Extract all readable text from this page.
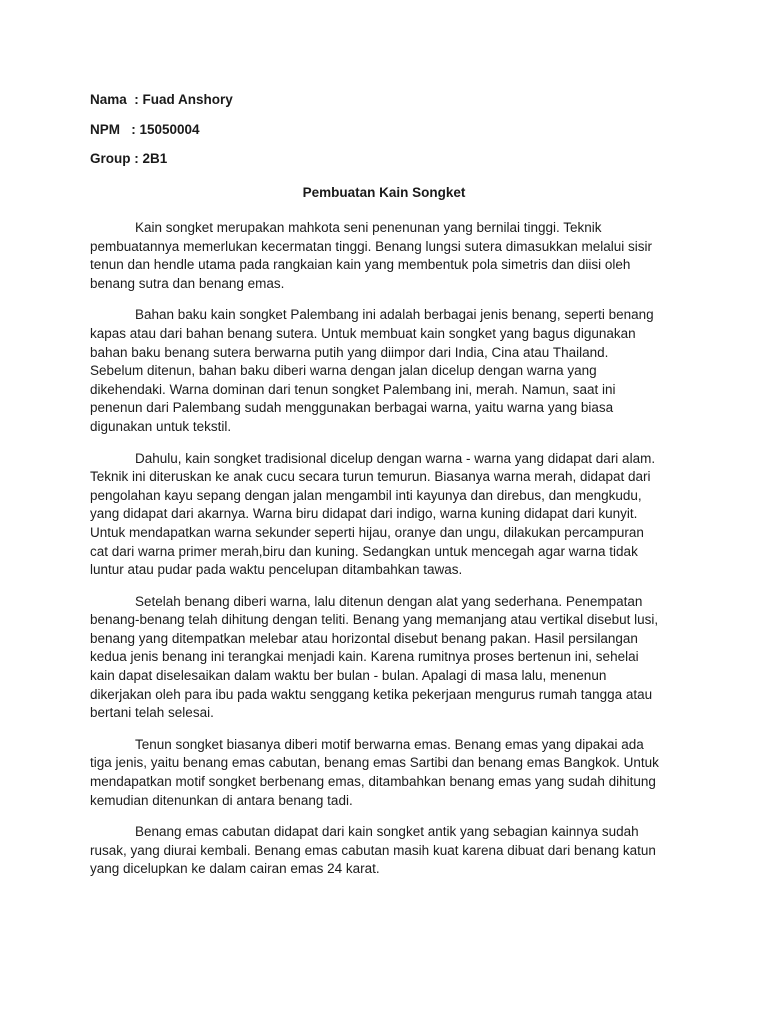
Nama  : Fuad Anshory
NPM   : 15050004
Group : 2B1
Pembuatan Kain Songket

Kain songket merupakan mahkota seni penenunan yang bernilai tinggi. Teknik
pembuatannya memerlukan kecermatan tinggi. Benang lungsi sutera dimasukkan melalui sisir
tenun dan hendle utama pada rangkaian kain yang membentuk pola simetris dan diisi oleh
benang sutra dan benang emas.

Bahan baku kain songket Palembang ini adalah berbagai jenis benang, seperti benang
kapas atau dari bahan benang sutera. Untuk membuat kain songket yang bagus digunakan
bahan baku benang sutera berwarna putih yang diimpor dari India, Cina atau Thailand.
Sebelum ditenun, bahan baku diberi warna dengan jalan dicelup dengan warna yang
dikehendaki. Warna dominan dari tenun songket Palembang ini, merah. Namun, saat ini
penenun dari Palembang sudah menggunakan berbagai warna, yaitu warna yang biasa
digunakan untuk tekstil.

Dahulu, kain songket tradisional dicelup dengan warna - warna yang didapat dari alam.
Teknik ini diteruskan ke anak cucu secara turun temurun. Biasanya warna merah, didapat dari
pengolahan kayu sepang dengan jalan mengambil inti kayunya dan direbus, dan mengkudu,
yang didapat dari akarnya. Warna biru didapat dari indigo, warna kuning didapat dari kunyit.
Untuk mendapatkan warna sekunder seperti hijau, oranye dan ungu, dilakukan percampuran
cat dari warna primer merah,biru dan kuning. Sedangkan untuk mencegah agar warna tidak
luntur atau pudar pada waktu pencelupan ditambahkan tawas.

Setelah benang diberi warna, lalu ditenun dengan alat yang sederhana. Penempatan
benang-benang telah dihitung dengan teliti. Benang yang memanjang atau vertikal disebut lusi,
benang yang ditempatkan melebar atau horizontal disebut benang pakan. Hasil persilangan
kedua jenis benang ini terangkai menjadi kain. Karena rumitnya proses bertenun ini, sehelai
kain dapat diselesaikan dalam waktu ber bulan - bulan. Apalagi di masa lalu, menenun
dikerjakan oleh para ibu pada waktu senggang ketika pekerjaan mengurus rumah tangga atau
bertani telah selesai.

Tenun songket biasanya diberi motif berwarna emas. Benang emas yang dipakai ada
tiga jenis, yaitu benang emas cabutan, benang emas Sartibi dan benang emas Bangkok. Untuk
mendapatkan motif songket berbenang emas, ditambahkan benang emas yang sudah dihitung
kemudian ditenunkan di antara benang tadi.

Benang emas cabutan didapat dari kain songket antik yang sebagian kainnya sudah
rusak, yang diurai kembali. Benang emas cabutan masih kuat karena dibuat dari benang katun
yang dicelupkan ke dalam cairan emas 24 karat.
